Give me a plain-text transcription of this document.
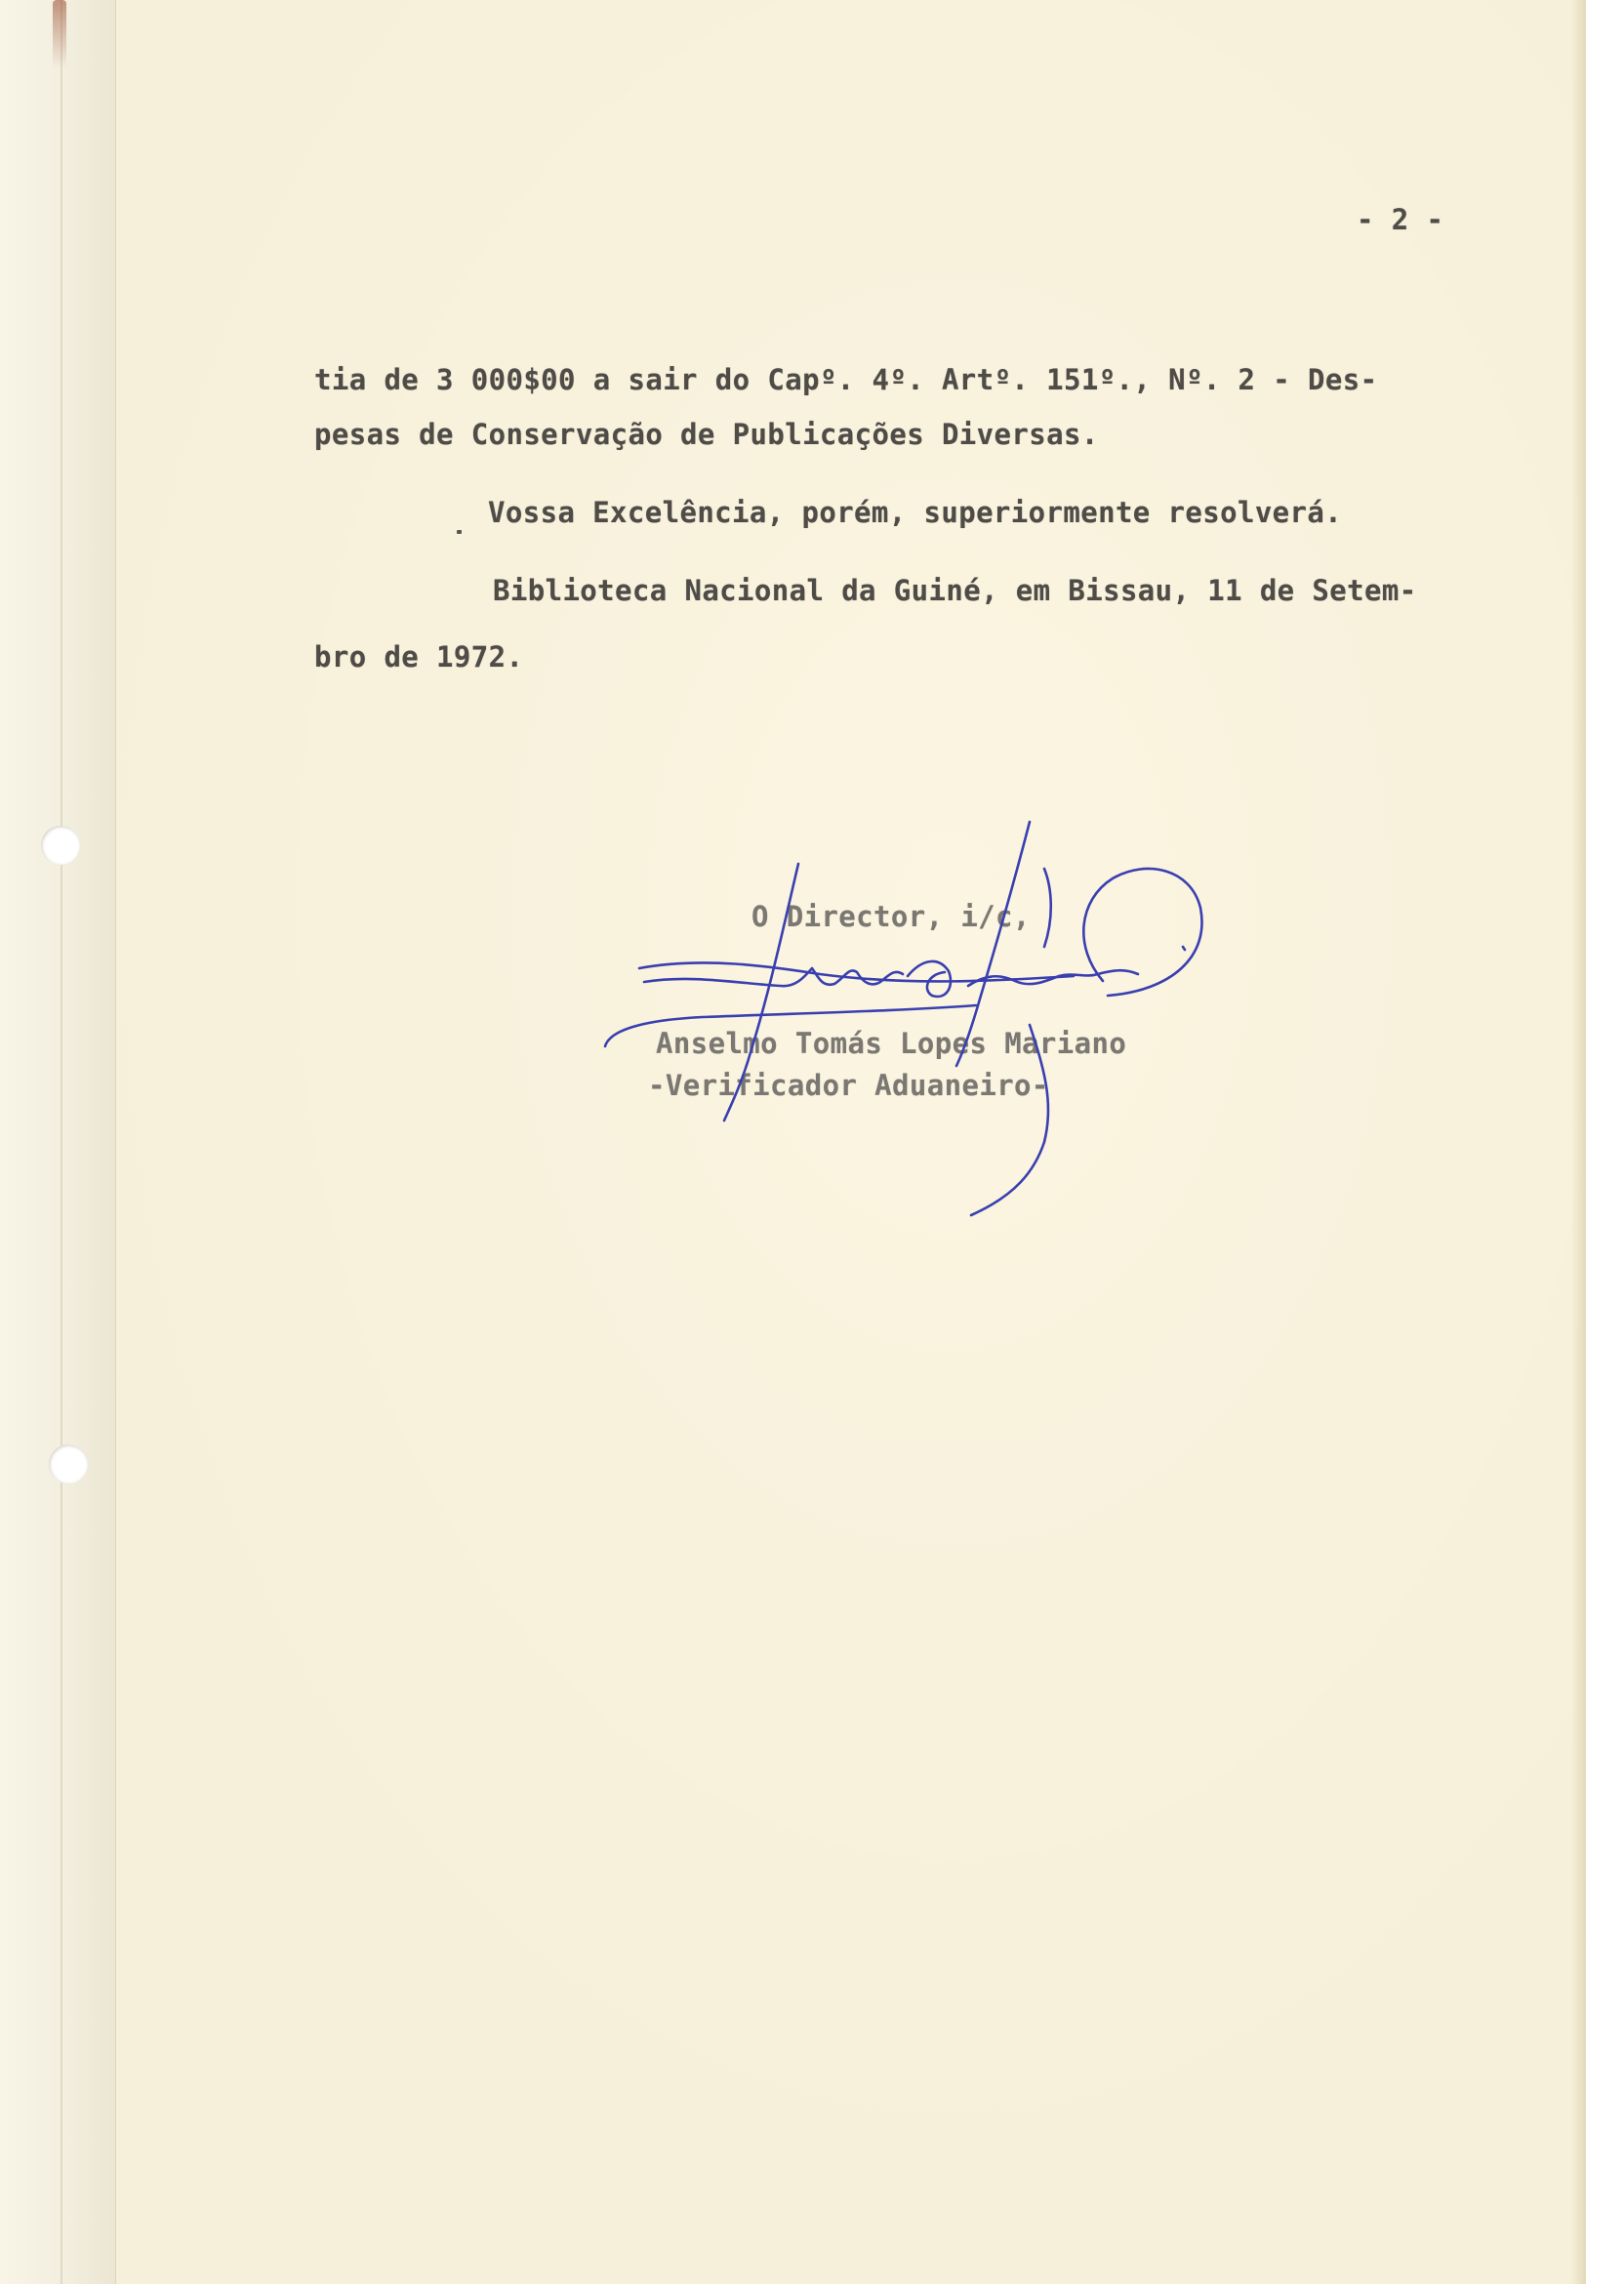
- 2 -
tia de 3 000$00 a sair do Capº. 4º. Artº. 151º., Nº. 2 - Des-
pesas de Conservação de Publicações Diversas.
Vossa Excelência, porém, superiormente resolverá.
Biblioteca Nacional da Guiné, em Bissau, 11 de Setem-
bro de 1972.
O Director, i/c,
Anselmo Tomás Lopes Mariano
-Verificador Aduaneiro-
